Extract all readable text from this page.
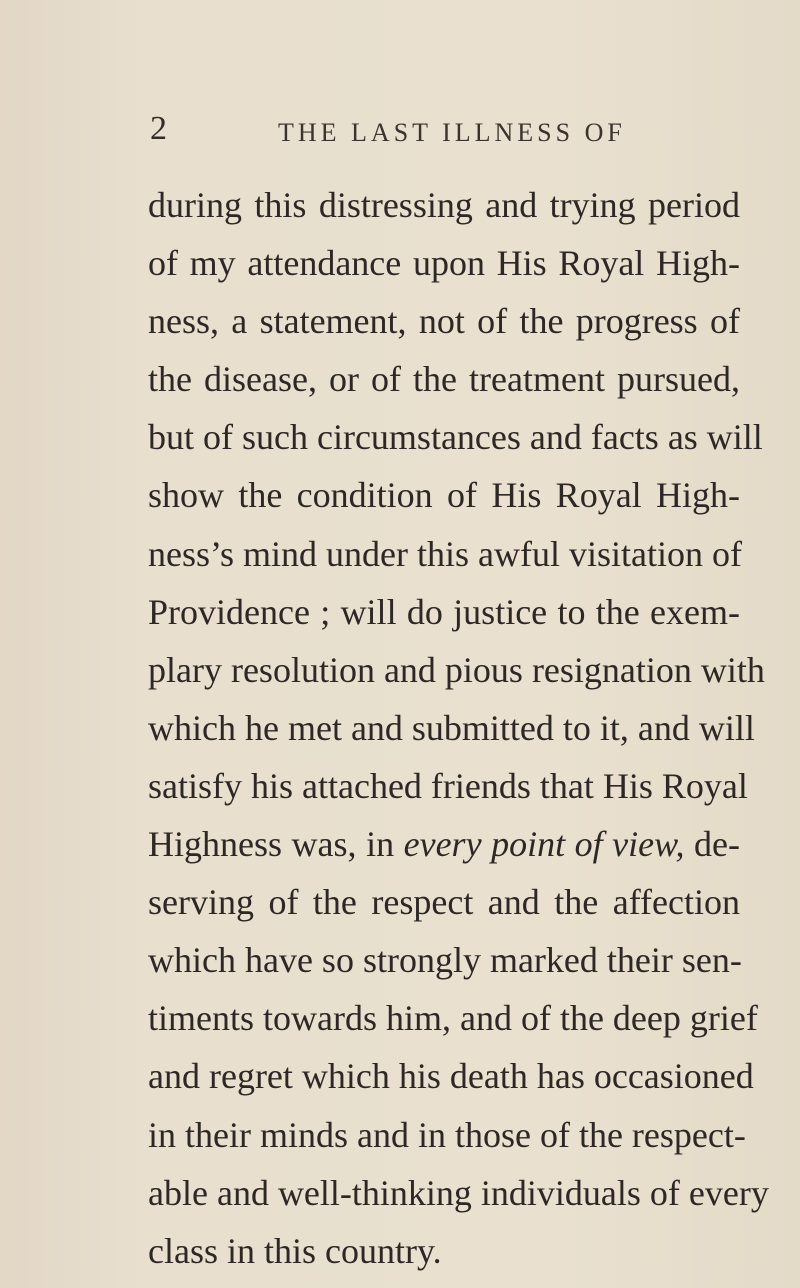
2	THE LAST ILLNESS OF
during this distressing and trying period
of my attendance upon His Royal High-
ness, a statement, not of the progress of
the disease, or of the treatment pursued,
but of such circumstances and facts as will
show the condition of His Royal High-
ness’s mind under this awful visitation of
Providence ; will do justice to the exem-
plary resolution and pious resignation with
which he met and submitted to it, and will
satisfy his attached friends that His Royal
Highness was, in every point of view, de-
serving of the respect and the affection
which have so strongly marked their sen-
timents towards him, and of the deep grief
and regret which his death has occasioned
in their minds and in those of the respect-
able and well-thinking individuals of every
class in this country.
